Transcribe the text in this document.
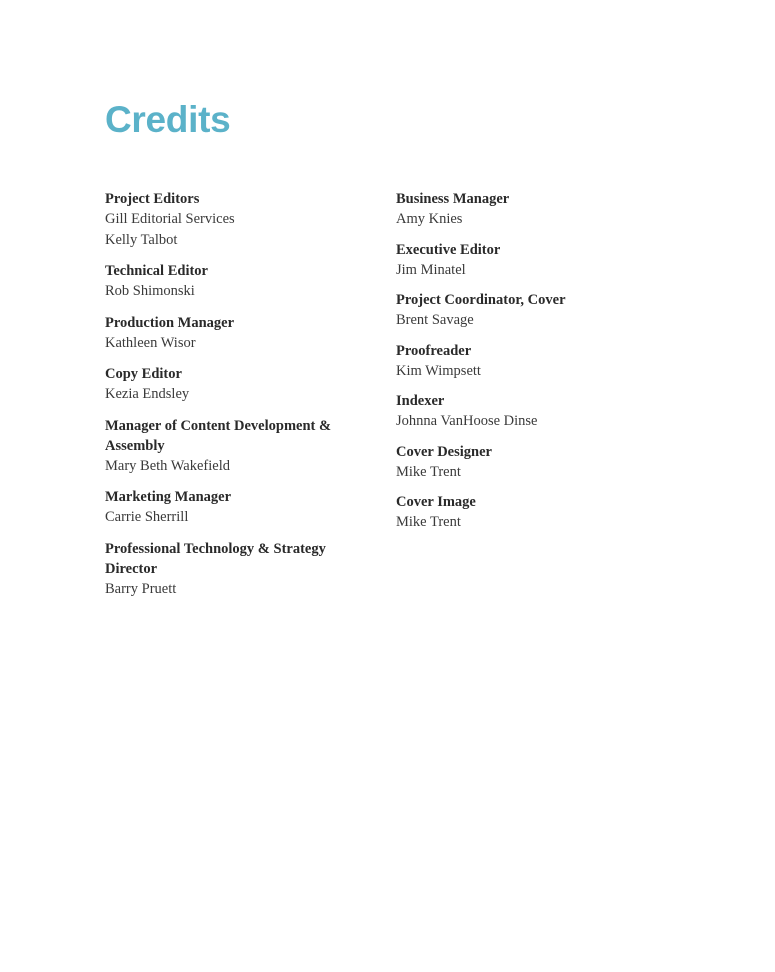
Credits
Project Editors
Gill Editorial Services
Kelly Talbot
Technical Editor
Rob Shimonski
Production Manager
Kathleen Wisor
Copy Editor
Kezia Endsley
Manager of Content Development & Assembly
Mary Beth Wakefield
Marketing Manager
Carrie Sherrill
Professional Technology & Strategy Director
Barry Pruett
Business Manager
Amy Knies
Executive Editor
Jim Minatel
Project Coordinator, Cover
Brent Savage
Proofreader
Kim Wimpsett
Indexer
Johnna VanHoose Dinse
Cover Designer
Mike Trent
Cover Image
Mike Trent
